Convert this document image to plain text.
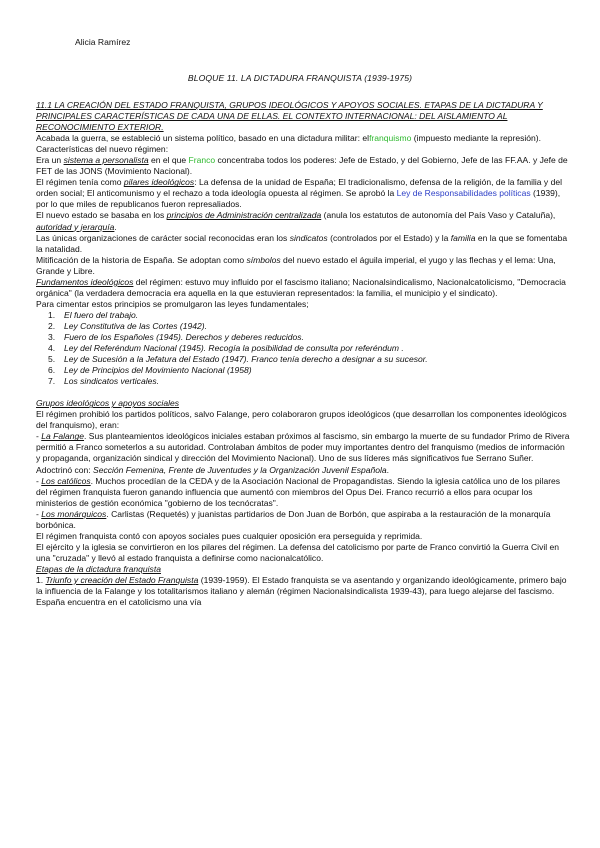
Alicia Ramírez
BLOQUE 11. LA DICTADURA FRANQUISTA (1939-1975)

11.1 LA CREACIÓN DEL ESTADO FRANQUISTA, GRUPOS IDEOLÓGICOS Y APOYOS SOCIALES. ETAPAS DE LA DICTADURA Y PRINCIPALES CARACTERÍSTICAS DE CADA UNA DE ELLAS. EL CONTEXTO INTERNACIONAL: DEL AISLAMIENTO AL RECONOCIMIENTO EXTERIOR.

Acabada la guerra, se estableció un sistema político, basado en una dictadura militar: elfranquismo (impuesto mediante la represión). Características del nuevo régimen:

Era un sistema a personalista en el que Franco concentraba todos los poderes: Jefe de Estado, y del Gobierno, Jefe de las FF.AA. y Jefe de FET de las JONS (Movimiento Nacional).

El régimen tenía como pilares ideológicos: La defensa de la unidad de España; El tradicionalismo, defensa de la religión, de la familia y del orden social; El anticomunismo y el rechazo a toda ideología opuesta al régimen. Se aprobó la Ley de Responsabilidades políticas (1939), por lo que miles de republicanos fueron represaliados.

El nuevo estado se basaba en los principios de Administración centralizada (anula los estatutos de autonomía del País Vaso y Cataluña), autoridad y jerarquía.

Las únicas organizaciones de carácter social reconocidas eran los sindicatos (controlados por el Estado) y la familia en la que se fomentaba la natalidad.

Mitificación de la historia de España. Se adoptan como símbolos del nuevo estado el águila imperial, el yugo y las flechas y el lema: Una, Grande y Libre.

Fundamentos ideológicos del régimen: estuvo muy influido por el fascismo italiano; Nacionalsindicalismo, Nacionalcatolicismo, "Democracia orgánica" (la verdadera democracia era aquella en la que estuvieran representados: la familia, el municipio y el sindicato).

Para cimentar estos principios se promulgaron las leyes fundamentales;

1. El fuero del trabajo.
2. Ley Constitutiva de las Cortes (1942).
3. Fuero de los Españoles (1945). Derechos y deberes reducidos.
4. Ley del Referéndum Nacional (1945). Recogía la posibilidad de consulta por referéndum .
5. Ley de Sucesión a la Jefatura del Estado (1947). Franco tenía derecho a designar a su sucesor.
6. Ley de Principios del Movimiento Nacional (1958)
7. Los sindicatos verticales.

Grupos ideológicos y apoyos sociales

El régimen prohibió los partidos políticos, salvo Falange, pero colaboraron grupos ideológicos (que desarrollan los componentes ideológicos del franquismo), eran:

- La Falange. Sus planteamientos ideológicos iniciales estaban próximos al fascismo, sin embargo la muerte de su fundador Primo de Rivera permitió a Franco someterlos a su autoridad. Controlaban ámbitos de poder muy importantes dentro del franquismo (medios de información y propaganda, organización sindical y dirección del Movimiento Nacional). Uno de sus líderes más significativos fue Serrano Suñer. Adoctrinó con: Sección Femenina, Frente de Juventudes y la Organización Juvenil Española.

- Los católicos. Muchos procedían de la CEDA y de la Asociación Nacional de Propagandistas. Siendo la iglesia católica uno de los pilares del régimen franquista fueron ganando influencia que aumentó con miembros del Opus Dei. Franco recurrió a ellos para ocupar los ministerios de gestión económica "gobierno de los tecnócratas".

- Los monárquicos. Carlistas (Requetés) y juanistas partidarios de Don Juan de Borbón, que aspiraba a la restauración de la monarquía borbónica.

El régimen franquista contó con apoyos sociales pues cualquier oposición era perseguida y reprimida.

El ejército y la iglesia se convirtieron en los pilares del régimen. La defensa del catolicismo por parte de Franco convirtió la Guerra Civil en una "cruzada" y llevó al estado franquista a definirse como nacionalcatólico.

Etapas de la dictadura franquista

1. Triunfo y creación del Estado Franquista (1939-1959). El Estado franquista se va asentando y organizando ideológicamente, primero bajo la influencia de la Falange y los totalitarismos italiano y alemán (régimen Nacionalsindicalista 1939-43), para luego alejarse del fascismo. España encuentra en el catolicismo una vía
